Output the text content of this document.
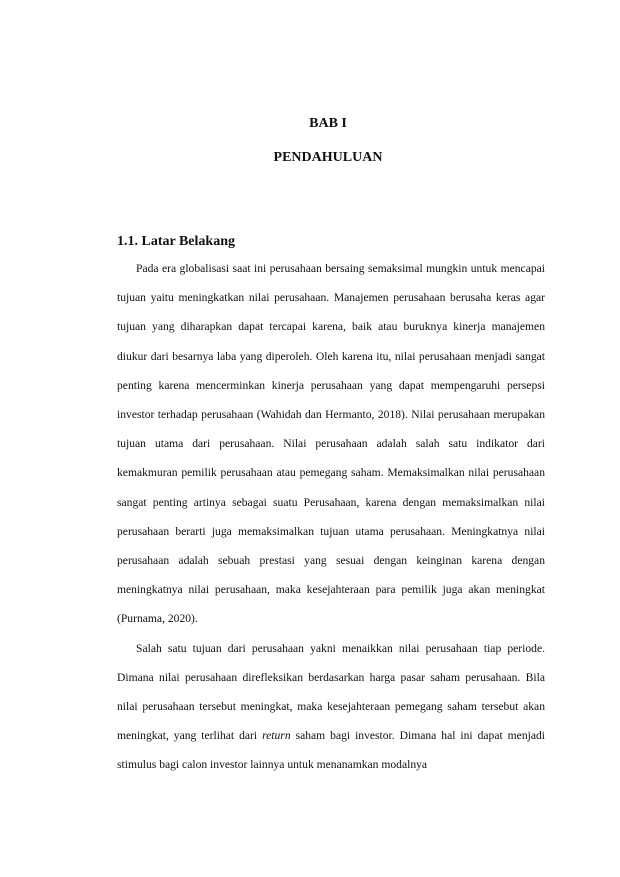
BAB I
PENDAHULUAN
1.1. Latar Belakang

Pada era globalisasi saat ini perusahaan bersaing semaksimal mungkin untuk mencapai tujuan yaitu meningkatkan nilai perusahaan. Manajemen perusahaan berusaha keras agar tujuan yang diharapkan dapat tercapai karena, baik atau buruknya kinerja manajemen diukur dari besarnya laba yang diperoleh. Oleh karena itu, nilai perusahaan menjadi sangat penting karena mencerminkan kinerja perusahaan yang dapat mempengaruhi persepsi investor terhadap perusahaan (Wahidah dan Hermanto, 2018). Nilai perusahaan merupakan tujuan utama dari perusahaan. Nilai perusahaan adalah salah satu indikator dari kemakmuran pemilik perusahaan atau pemegang saham. Memaksimalkan nilai perusahaan sangat penting artinya sebagai suatu Perusahaan, karena dengan memaksimalkan nilai perusahaan berarti juga memaksimalkan tujuan utama perusahaan. Meningkatnya nilai perusahaan adalah sebuah prestasi yang sesuai dengan keinginan karena dengan meningkatnya nilai perusahaan, maka kesejahteraan para pemilik juga akan meningkat (Purnama, 2020).

Salah satu tujuan dari perusahaan yakni menaikkan nilai perusahaan tiap periode. Dimana nilai perusahaan direfleksikan berdasarkan harga pasar saham perusahaan. Bila nilai perusahaan tersebut meningkat, maka kesejahteraan pemegang saham tersebut akan meningkat, yang terlihat dari return saham bagi investor. Dimana hal ini dapat menjadi stimulus bagi calon investor lainnya untuk menanamkan modalnya
